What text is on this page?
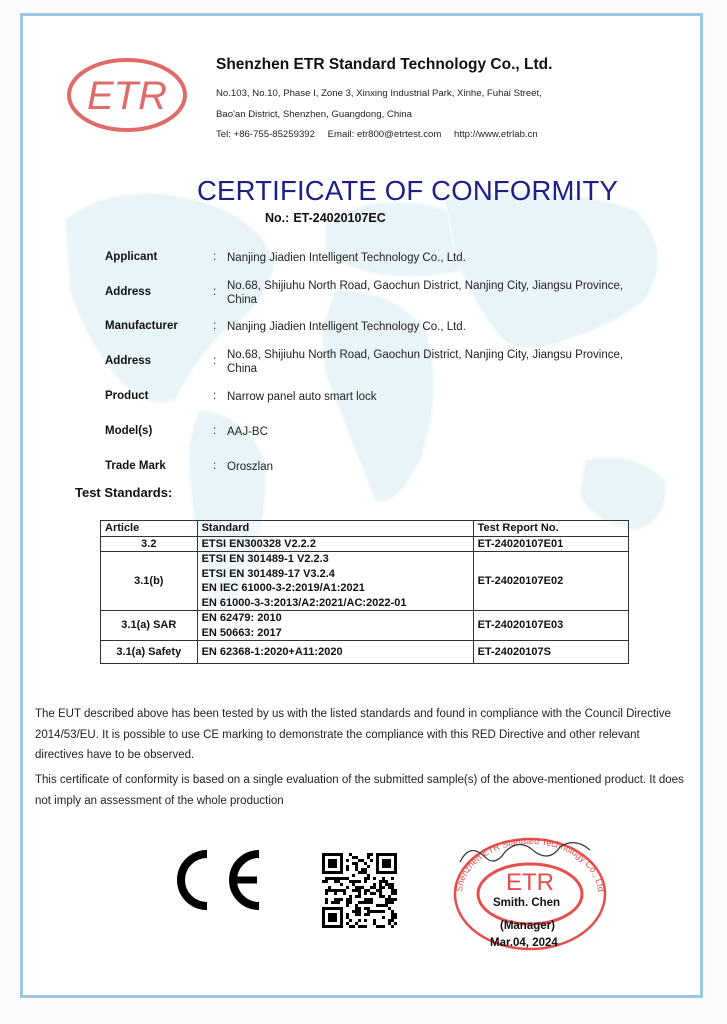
ETR
Shenzhen ETR Standard Technology Co., Ltd.
No.103, No.10, Phase I, Zone 3, Xinxing Industrial Park, Xinhe, Fuhai Street,
Bao'an District, Shenzhen, Guangdong, China
Tel: +86-755-85259392 Email: etr800@etrtest.com http://www.etrlab.cn
CERTIFICATE OF CONFORMITY
No.: ET-24020107EC
Applicant	: Nanjing Jiadien Intelligent Technology Co., Ltd.
Address	: No.68, Shijiuhu North Road, Gaochun District, Nanjing City, Jiangsu Province, China
Manufacturer	: Nanjing Jiadien Intelligent Technology Co., Ltd.
Address	: No.68, Shijiuhu North Road, Gaochun District, Nanjing City, Jiangsu Province, China
Product	: Narrow panel auto smart lock
Model(s)	: AAJ-BC
Trade Mark	: Oroszlan
Test Standards:
Article	Standard	Test Report No.
3.2	ETSI EN300328 V2.2.2	ET-24020107E01
3.1(b)	ETSI EN 301489-1 V2.2.3
ETSI EN 301489-17 V3.2.4
EN IEC 61000-3-2:2019/A1:2021
EN 61000-3-3:2013/A2:2021/AC:2022-01	ET-24020107E02
3.1(a) SAR	EN 62479: 2010
EN 50663: 2017	ET-24020107E03
3.1(a) Safety	EN 62368-1:2020+A11:2020	ET-24020107S
The EUT described above has been tested by us with the listed standards and found in compliance with the Council Directive 2014/53/EU. It is possible to use CE marking to demonstrate the compliance with this RED Directive and other relevant directives have to be observed.
This certificate of conformity is based on a single evaluation of the submitted sample(s) of the above-mentioned product. It does not imply an assessment of the whole production
Shenzhen ETR Standard Technology Co., Ltd
ETR
Smith. Chen
(Manager)
Mar.04, 2024
